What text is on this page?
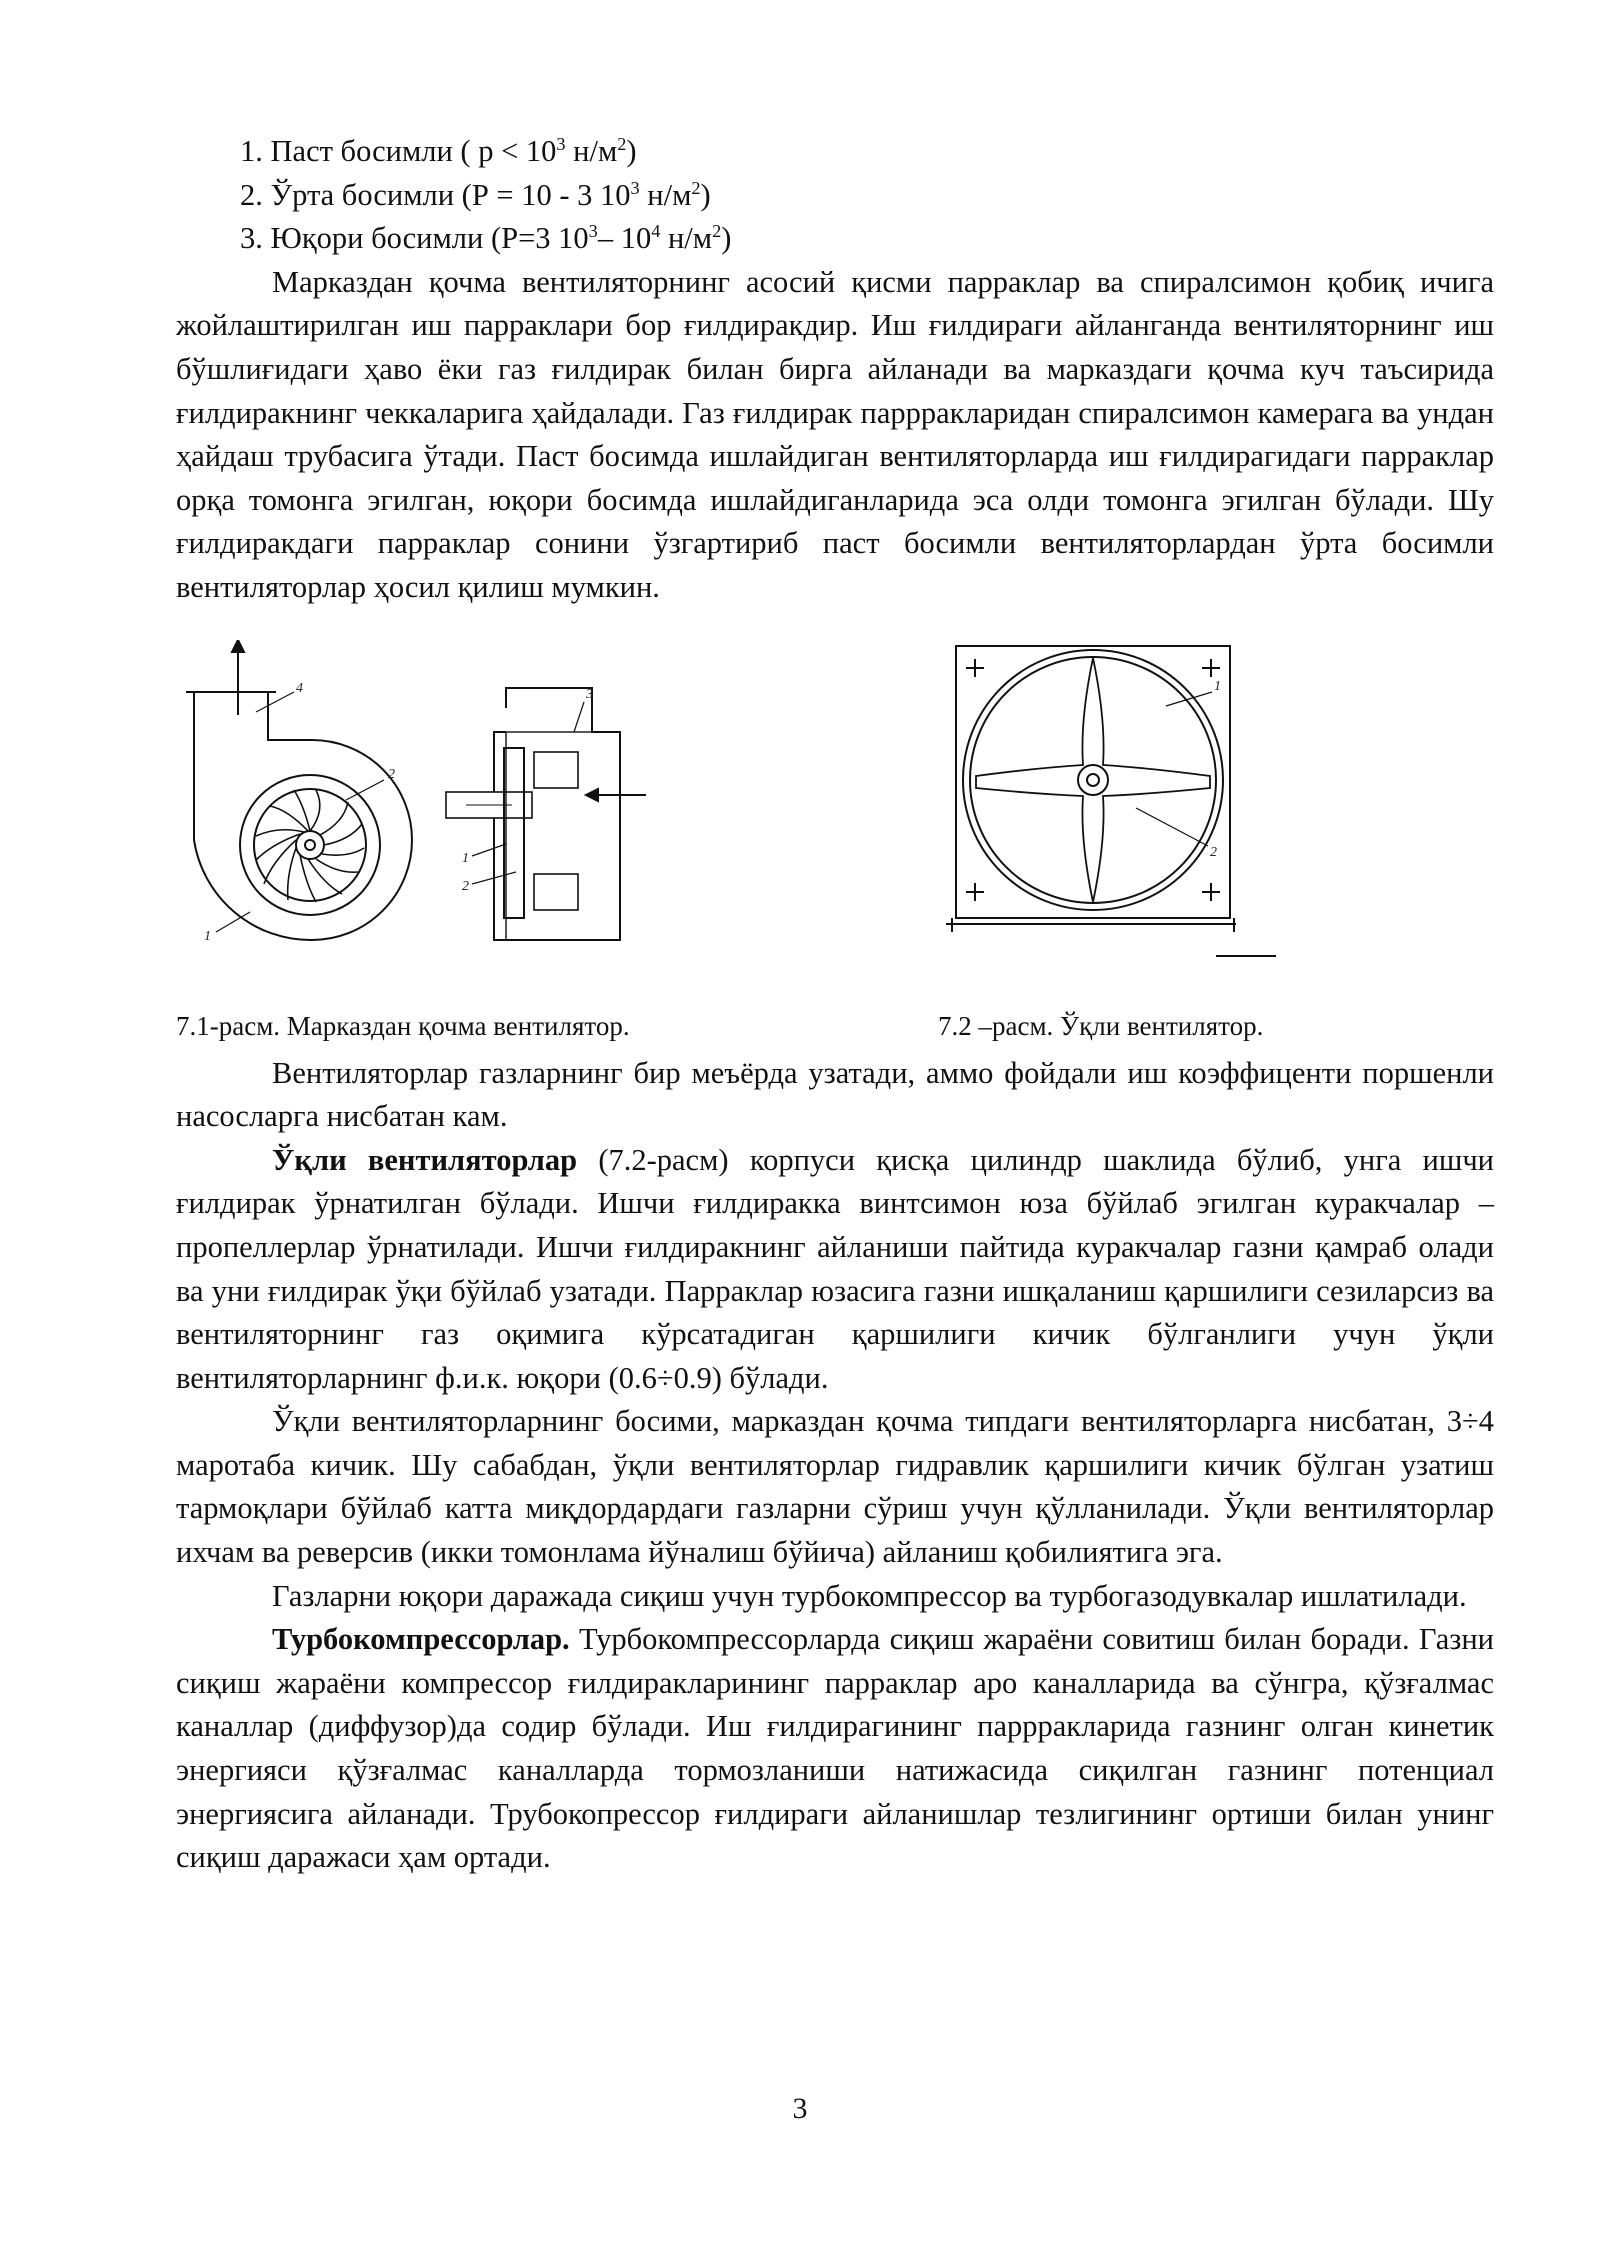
1. Паст босимли ( $р < 10^3$ $н/м^2$)
2. Ўрта босимли (Р = 10 - 3 $10^3$ $н/м^2$)
3. Юқори босимли (Р=3 $10^3-$ $10^4$ $н/м^2$)

Марказдан қочма вентиляторнинг асосий қисми парраклар ва спиралсимон қобиқ ичига жойлаштирилган иш парраклари бор ғилдиракдир. Иш ғилдираги айланганда вентиляторнинг иш бўшлиғидаги ҳаво ёки газ ғилдирак билан бирга айланади ва марказдаги қочма куч таъсирида ғилдиракнинг чеккаларига ҳайдалади. Газ ғилдирак паррракларидан спиралсимон камерага ва ундан ҳайдаш трубасига ўтади. Паст босимда ишлайдиган вентиляторларда иш ғилдирагидаги парраклар орқа томонга эгилган, юқори босимда ишлайдиганларида эса олди томонга эгилган бўлади. Шу ғилдиракдаги парраклар сонини ўзгартириб паст босимли вентиляторлардан ўрта босимли вентиляторлар ҳосил қилиш мумкин.

4
2
1
3
1
2
1
2
7.1-расм. Марказдан қочма вентилятор.	7.2 –расм. Ўқли вентилятор.

Вентиляторлар газларнинг бир меъёрда узатади, аммо фойдали иш коэффиценти поршенли насосларга нисбатан кам.

Ўқли вентиляторлар (7.2-расм) корпуси қисқа цилиндр шаклида бўлиб, унга ишчи ғилдирак ўрнатилган бўлади. Ишчи ғилдиракка винтсимон юза бўйлаб эгилган куракчалар – пропеллерлар ўрнатилади. Ишчи ғилдиракнинг айланиши пайтида куракчалар газни қамраб олади ва уни ғилдирак ўқи бўйлаб узатади. Парраклар юзасига газни ишқаланиш қаршилиги сезиларсиз ва вентиляторнинг газ оқимига кўрсатадиган қаршилиги кичик бўлганлиги учун ўқли вентиляторларнинг ф.и.к. юқори (0.6÷0.9) бўлади.

Ўқли вентиляторларнинг босими, марказдан қочма типдаги вентиляторларга нисбатан, 3÷4 маротаба кичик. Шу сабабдан, ўқли вентиляторлар гидравлик қаршилиги кичик бўлган узатиш тармоқлари бўйлаб катта миқдордардаги газларни сўриш учун қўлланилади. Ўқли вентиляторлар ихчам ва реверсив (икки томонлама йўналиш бўйича) айланиш қобилиятига эга.

Газларни юқори даражада сиқиш учун турбокомпрессор ва турбогазодувкалар ишлатилади.

Турбокомпрессорлар. Турбокомпрессорларда сиқиш жараёни совитиш билан боради. Газни сиқиш жараёни компрессор ғилдиракларининг парраклар аро каналларида ва сўнгра, қўзғалмас каналлар (диффузор)да содир бўлади. Иш ғилдирагининг паррракларида газнинг олган кинетик энергияси қўзғалмас каналларда тормозланиши натижасида сиқилган газнинг потенциал энергиясига айланади. Трубокопрессор ғилдираги айланишлар тезлигининг ортиши билан унинг сиқиш даражаси ҳам ортади.

3
